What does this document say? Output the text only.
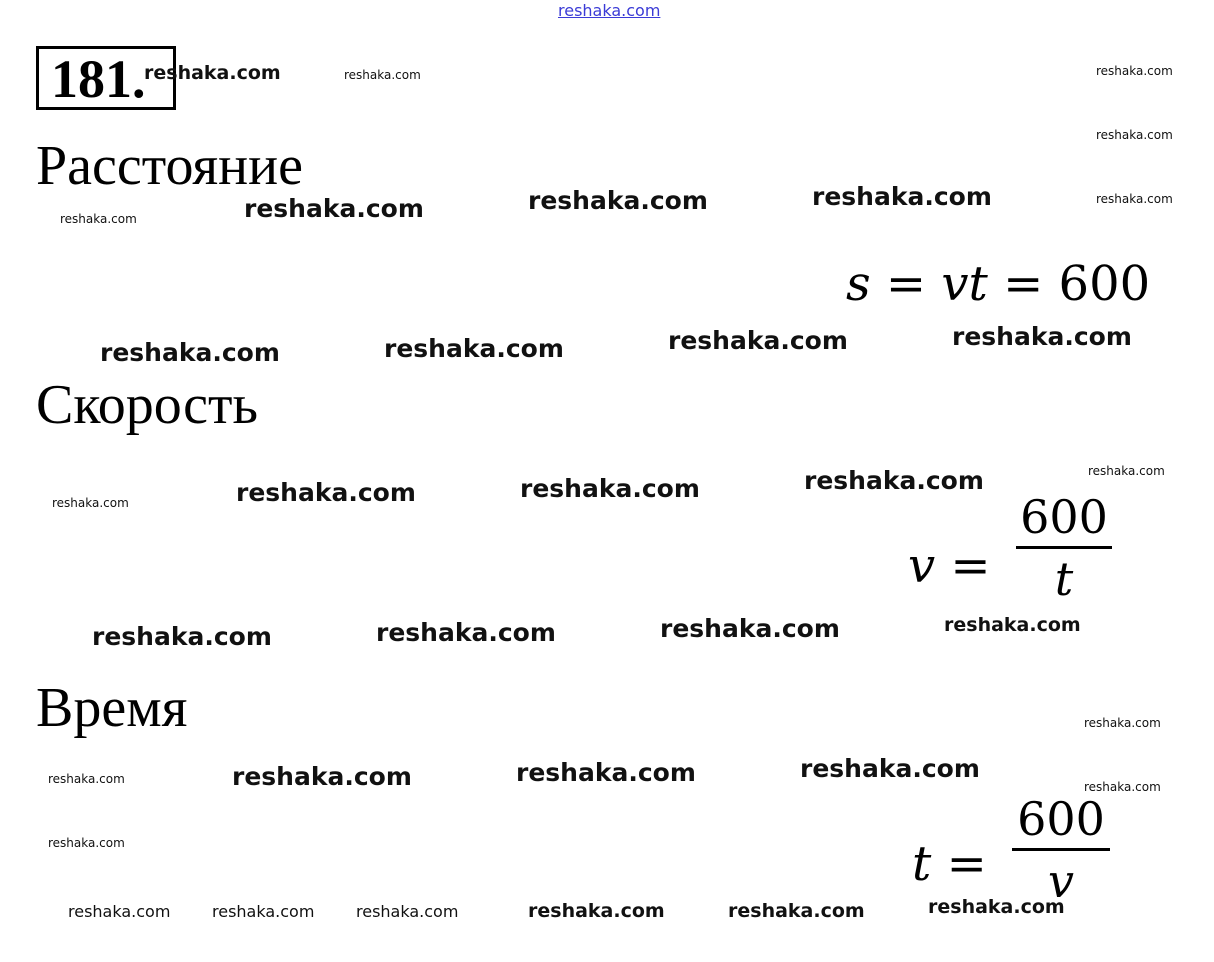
reshaka.com
181.
Расстояние
Скорость
Время
s = vt = 600
v =
600
t
t =
600
v
reshaka.com	reshaka.com	reshaka.com
reshaka.com
reshaka.com
reshaka.com	reshaka.com	reshaka.com	reshaka.com
reshaka.com	reshaka.com	reshaka.com	reshaka.com
reshaka.com
reshaka.com	reshaka.com	reshaka.com	reshaka.com
reshaka.com	reshaka.com	reshaka.com	reshaka.com
reshaka.com
reshaka.com	reshaka.com	reshaka.com	reshaka.com
reshaka.com
reshaka.com
reshaka.com	reshaka.com	reshaka.com	reshaka.com	reshaka.com	reshaka.com
